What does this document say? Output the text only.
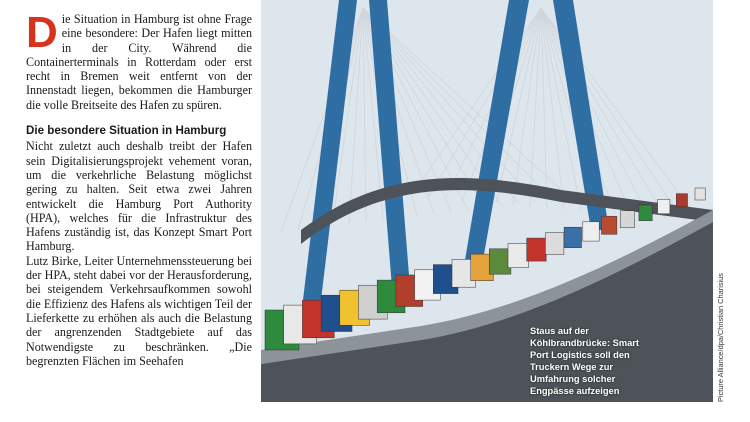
Die Situation in Hamburg ist ohne Frage eine besondere: Der Hafen liegt mitten in der City. Während die Containerterminals in Rotterdam oder erst recht in Bremen weit entfernt von der Innenstadt liegen, bekommen die Hamburger die volle Breitseite des Hafen zu spüren.

Die besondere Situation in Hamburg

Nicht zuletzt auch deshalb treibt der Hafen sein Digitalisierungsprojekt vehement voran, um die verkehrliche Belastung möglichst gering zu halten. Seit etwa zwei Jahren entwickelt die Hamburg Port Authority (HPA), welches für die Infrastruktur des Hafens zuständig ist, das Konzept Smart Port Hamburg.

Lutz Birke, Leiter Unternehmenssteuerung bei der HPA, steht dabei vor der Herausforderung, bei steigendem Verkehrsaufkommen sowohl die Effizienz des Hafens als wichtigen Teil der Lieferkette zu erhöhen als auch die Belastung der angrenzenden Stadtgebiete auf das Notwendigste zu beschränken. „Die begrenzten Flächen im Seehafen

Staus auf der Köhlbrandbrücke: Smart Port Logistics soll den Truckern Wege zur Umfahrung solcher Engpässe aufzeigen	Picture Alliance/dpa/Christian Charisius
